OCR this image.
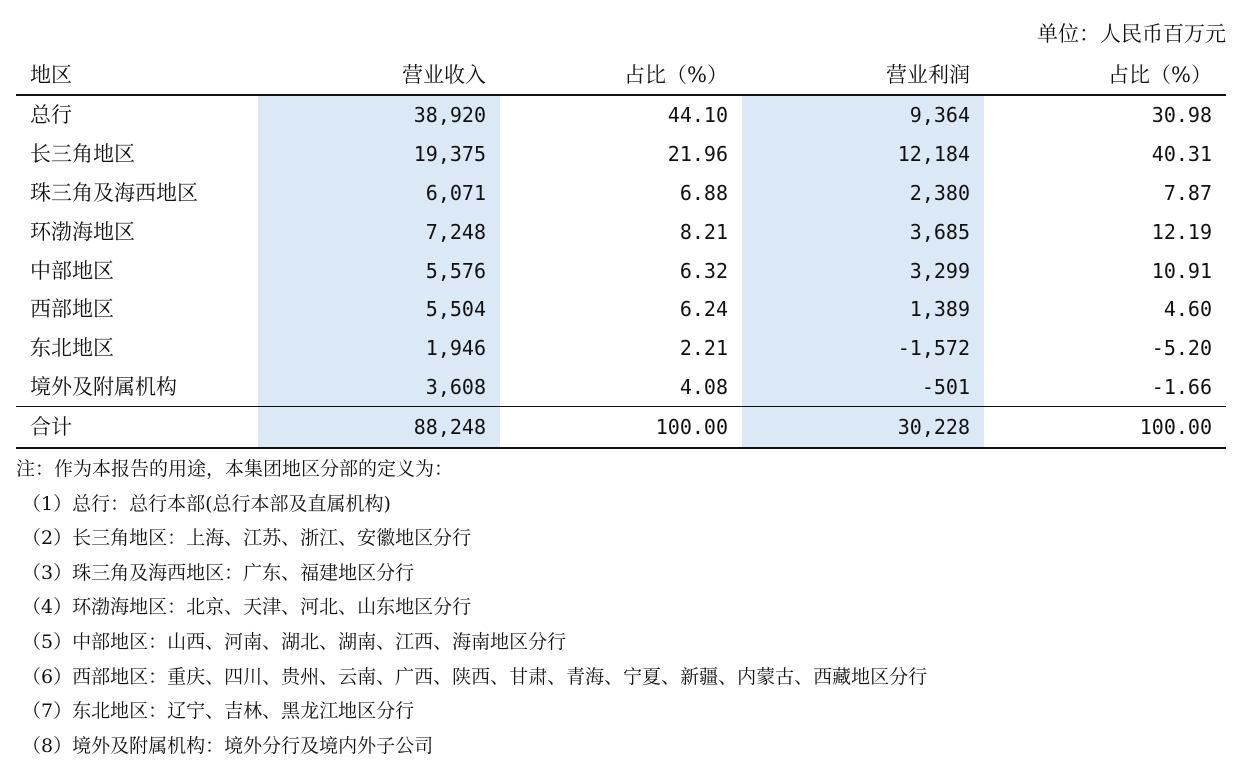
单位：人民币百万元
地区	营业收入	占比（%）	营业利润	占比（%）
总行	38,920	44.10	9,364	30.98
长三角地区	19,375	21.96	12,184	40.31
珠三角及海西地区	6,071	6.88	2,380	7.87
环渤海地区	7,248	8.21	3,685	12.19
中部地区	5,576	6.32	3,299	10.91
西部地区	5,504	6.24	1,389	4.60
东北地区	1,946	2.21	-1,572	-5.20
境外及附属机构	3,608	4.08	-501	-1.66
合计	88,248	100.00	30,228	100.00
注：作为本报告的用途，本集团地区分部的定义为：
（1）总行：总行本部(总行本部及直属机构)
（2）长三角地区：上海、江苏、浙江、安徽地区分行
（3）珠三角及海西地区：广东、福建地区分行
（4）环渤海地区：北京、天津、河北、山东地区分行
（5）中部地区：山西、河南、湖北、湖南、江西、海南地区分行
（6）西部地区：重庆、四川、贵州、云南、广西、陕西、甘肃、青海、宁夏、新疆、内蒙古、西藏地区分行
（7）东北地区：辽宁、吉林、黑龙江地区分行
（8）境外及附属机构：境外分行及境内外子公司
